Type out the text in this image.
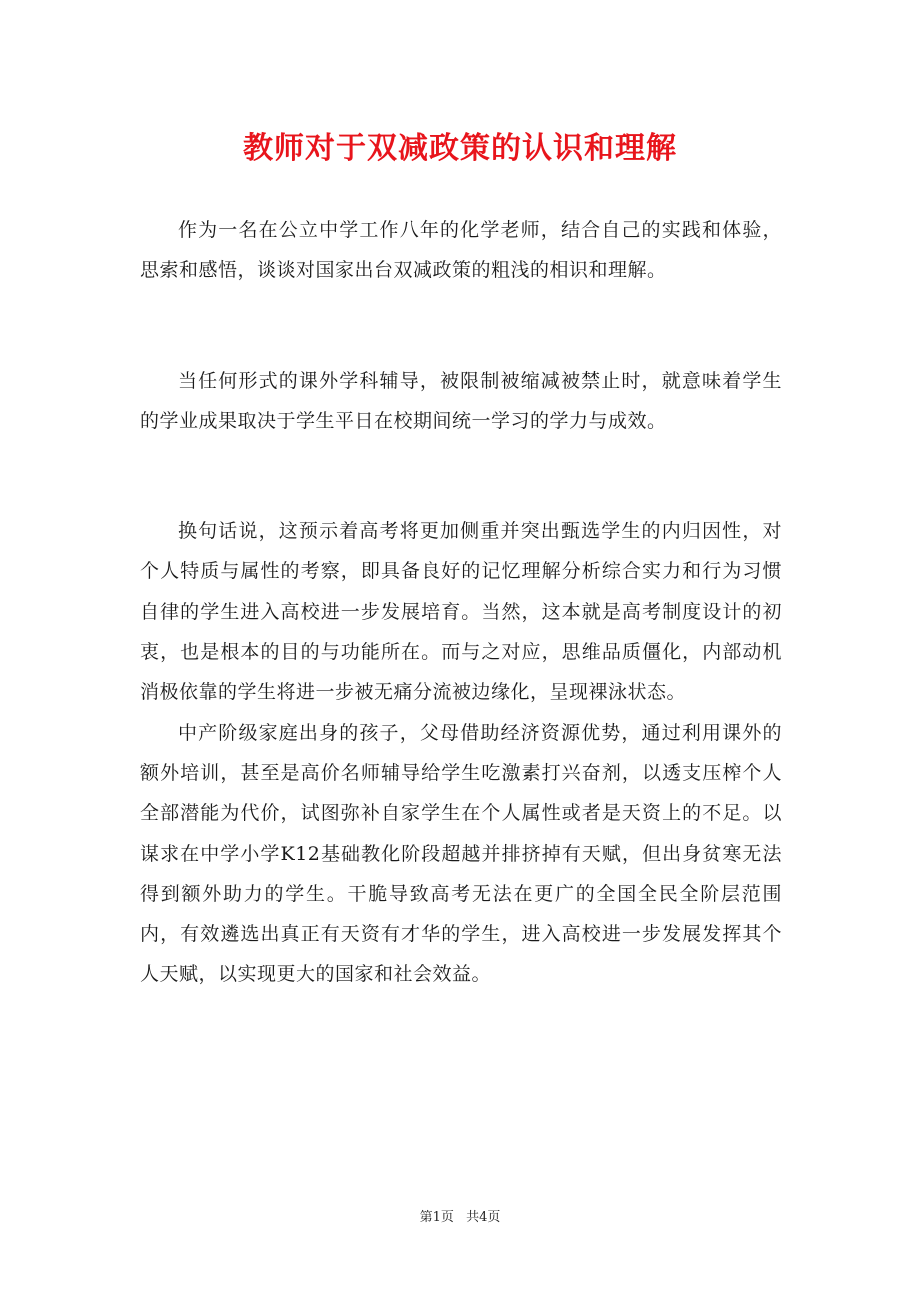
教师对于双减政策的认识和理解

作为一名在公立中学工作八年的化学老师，结合自己的实践和体验，思索和感悟，谈谈对国家出台双减政策的粗浅的相识和理解。

当任何形式的课外学科辅导，被限制被缩减被禁止时，就意味着学生的学业成果取决于学生平日在校期间统一学习的学力与成效。

换句话说，这预示着高考将更加侧重并突出甄选学生的内归因性，对个人特质与属性的考察，即具备良好的记忆理解分析综合实力和行为习惯自律的学生进入高校进一步发展培育。当然，这本就是高考制度设计的初衷，也是根本的目的与功能所在。而与之对应，思维品质僵化，内部动机消极依靠的学生将进一步被无痛分流被边缘化，呈现裸泳状态。

中产阶级家庭出身的孩子，父母借助经济资源优势，通过利用课外的额外培训，甚至是高价名师辅导给学生吃激素打兴奋剂，以透支压榨个人全部潜能为代价，试图弥补自家学生在个人属性或者是天资上的不足。以谋求在中学小学K12基础教化阶段超越并排挤掉有天赋，但出身贫寒无法得到额外助力的学生。干脆导致高考无法在更广的全国全民全阶层范围内，有效遴选出真正有天资有才华的学生，进入高校进一步发展发挥其个人天赋，以实现更大的国家和社会效益。

第1页 共4页
